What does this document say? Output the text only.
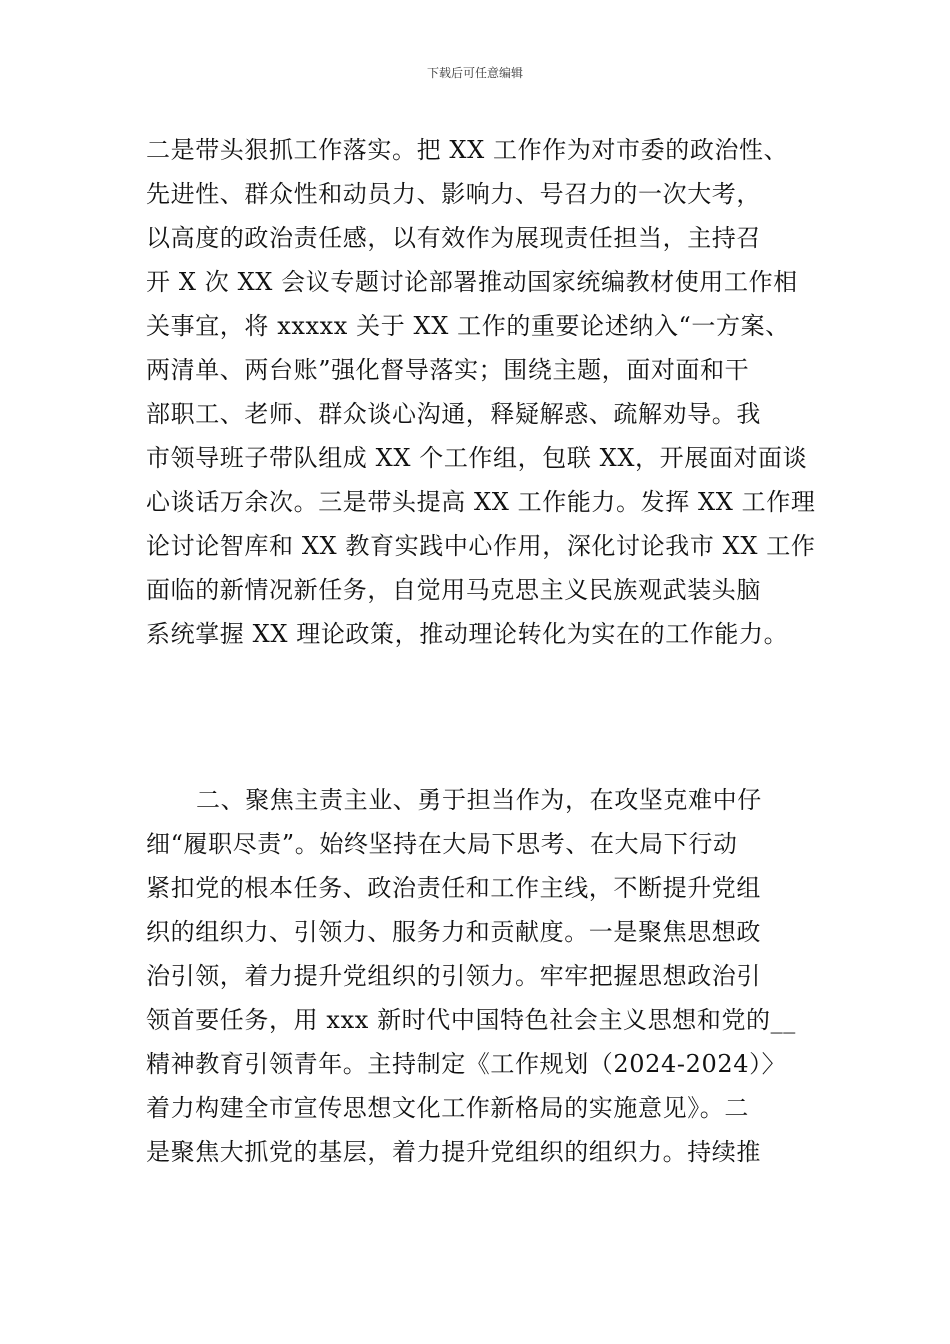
下载后可任意编辑
二是带头狠抓工作落实。把 XX 工作作为对市委的政治性、
先进性、群众性和动员力、影响力、号召力的一次大考，
以高度的政治责任感，以有效作为展现责任担当，主持召
开 X 次 XX 会议专题讨论部署推动国家统编教材使用工作相
关事宜，将 xxxxx 关于 XX 工作的重要论述纳入“一方案、
两清单、两台账”强化督导落实；围绕主题，面对面和干
部职工、老师、群众谈心沟通，释疑解惑、疏解劝导。我
市领导班子带队组成 XX 个工作组，包联 XX，开展面对面谈
心谈话万余次。三是带头提高 XX 工作能力。发挥 XX 工作理
论讨论智库和 XX 教育实践中心作用，深化讨论我市 XX 工作
面临的新情况新任务，自觉用马克思主义民族观武装头脑
系统掌握 XX 理论政策，推动理论转化为实在的工作能力。
二、聚焦主责主业、勇于担当作为，在攻坚克难中仔
细“履职尽责”。始终坚持在大局下思考、在大局下行动
紧扣党的根本任务、政治责任和工作主线，不断提升党组
织的组织力、引领力、服务力和贡献度。一是聚焦思想政
治引领，着力提升党组织的引领力。牢牢把握思想政治引
领首要任务，用 xxx 新时代中国特色社会主义思想和党的__
精神教育引领青年。主持制定《工作规划（2024-2024）〉
着力构建全市宣传思想文化工作新格局的实施意见》。二
是聚焦大抓党的基层，着力提升党组织的组织力。持续推
